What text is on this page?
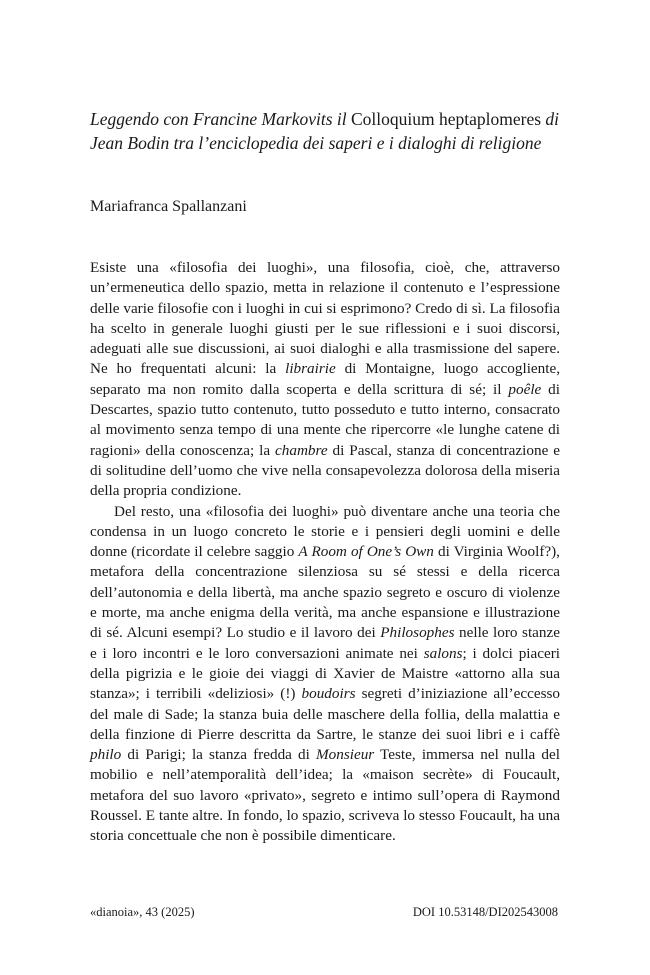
Leggendo con Francine Markovits il Colloquium heptaplomeres di Jean Bodin tra l’enciclopedia dei saperi e i dialoghi di religione
Mariafranca Spallanzani

Esiste una «filosofia dei luoghi», una filosofia, cioè, che, attraverso un’ermeneutica dello spazio, metta in relazione il contenuto e l’espressione delle varie filosofie con i luoghi in cui si esprimono? Credo di sì. La filosofia ha scelto in generale luoghi giusti per le sue riflessioni e i suoi discorsi, adeguati alle sue discussioni, ai suoi dialoghi e alla trasmissione del sapere. Ne ho frequentati alcuni: la librairie di Montaigne, luogo accogliente, separato ma non romito dalla scoperta e della scrittura di sé; il poêle di Descartes, spazio tutto contenuto, tutto posseduto e tutto interno, consacrato al movimento senza tempo di una mente che ripercorre «le lunghe catene di ragioni» della conoscenza; la chambre di Pascal, stanza di concentrazione e di solitudine dell’uomo che vive nella consapevolezza dolorosa della miseria della propria condizione.

Del resto, una «filosofia dei luoghi» può diventare anche una teoria che condensa in un luogo concreto le storie e i pensieri degli uomini e delle donne (ricordate il celebre saggio A Room of One’s Own di Virginia Woolf?), metafora della concentrazione silenziosa su sé stessi e della ricerca dell’autonomia e della libertà, ma anche spazio segreto e oscuro di violenze e morte, ma anche enigma della verità, ma anche espansione e illustrazione di sé. Alcuni esempi? Lo studio e il lavoro dei Philosophes nelle loro stanze e i loro incontri e le loro conversazioni animate nei salons; i dolci piaceri della pigrizia e le gioie dei viaggi di Xavier de Maistre «attorno alla sua stanza»; i terribili «deliziosi» (!) boudoirs segreti d’iniziazione all’eccesso del male di Sade; la stanza buia delle maschere della follia, della malattia e della finzione di Pierre descritta da Sartre, le stanze dei suoi libri e i caffè philo di Parigi; la stanza fredda di Monsieur Teste, immersa nel nulla del mobilio e nell’atemporalità dell’idea; la «maison secrète» di Foucault, metafora del suo lavoro «privato», segreto e intimo sull’opera di Raymond Roussel. E tante altre. In fondo, lo spazio, scriveva lo stesso Foucault, ha una storia concettuale che non è possibile dimenticare.

«dianoia», 43 (2025)	DOI 10.53148/DI202543008
